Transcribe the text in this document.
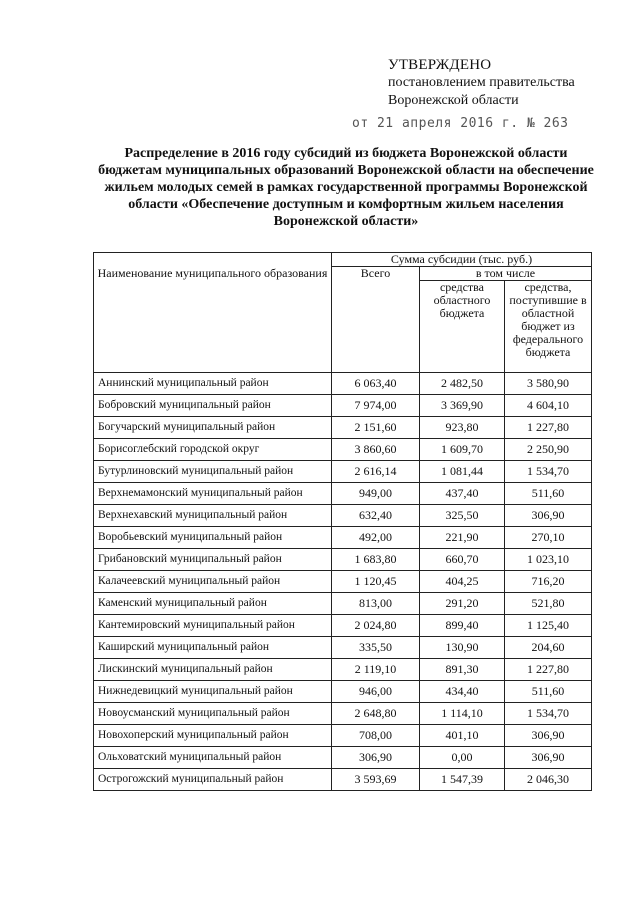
УТВЕРЖДЕНО
постановлением правительства
Воронежской области
от 21 апреля 2016 г. № 263
Распределение в 2016 году субсидий из бюджета Воронежской области бюджетам муниципальных образований Воронежской области на обеспечение жильем молодых семей в рамках государственной программы Воронежской области «Обеспечение доступным и комфортным жильем населения Воронежской области»
Наименование муниципального образования	Сумма субсидии (тыс. руб.)		
	Всего	в том числе	
		средства областного бюджета	средства, поступившие в областной бюджет из федерального бюджета
Аннинский муниципальный район	6 063,40	2 482,50	3 580,90
Бобровский муниципальный район	7 974,00	3 369,90	4 604,10
Богучарский муниципальный район	2 151,60	923,80	1 227,80
Борисоглебский городской округ	3 860,60	1 609,70	2 250,90
Бутурлиновский муниципальный район	2 616,14	1 081,44	1 534,70
Верхнемамонский муниципальный район	949,00	437,40	511,60
Верхнехавский муниципальный район	632,40	325,50	306,90
Воробьевский муниципальный район	492,00	221,90	270,10
Грибановский муниципальный район	1 683,80	660,70	1 023,10
Калачеевский муниципальный район	1 120,45	404,25	716,20
Каменский муниципальный район	813,00	291,20	521,80
Кантемировский муниципальный район	2 024,80	899,40	1 125,40
Каширский муниципальный район	335,50	130,90	204,60
Лискинский муниципальный район	2 119,10	891,30	1 227,80
Нижнедевицкий муниципальный район	946,00	434,40	511,60
Новоусманский муниципальный район	2 648,80	1 114,10	1 534,70
Новохоперский муниципальный район	708,00	401,10	306,90
Ольховатский муниципальный район	306,90	0,00	306,90
Острогожский муниципальный район	3 593,69	1 547,39	2 046,30
